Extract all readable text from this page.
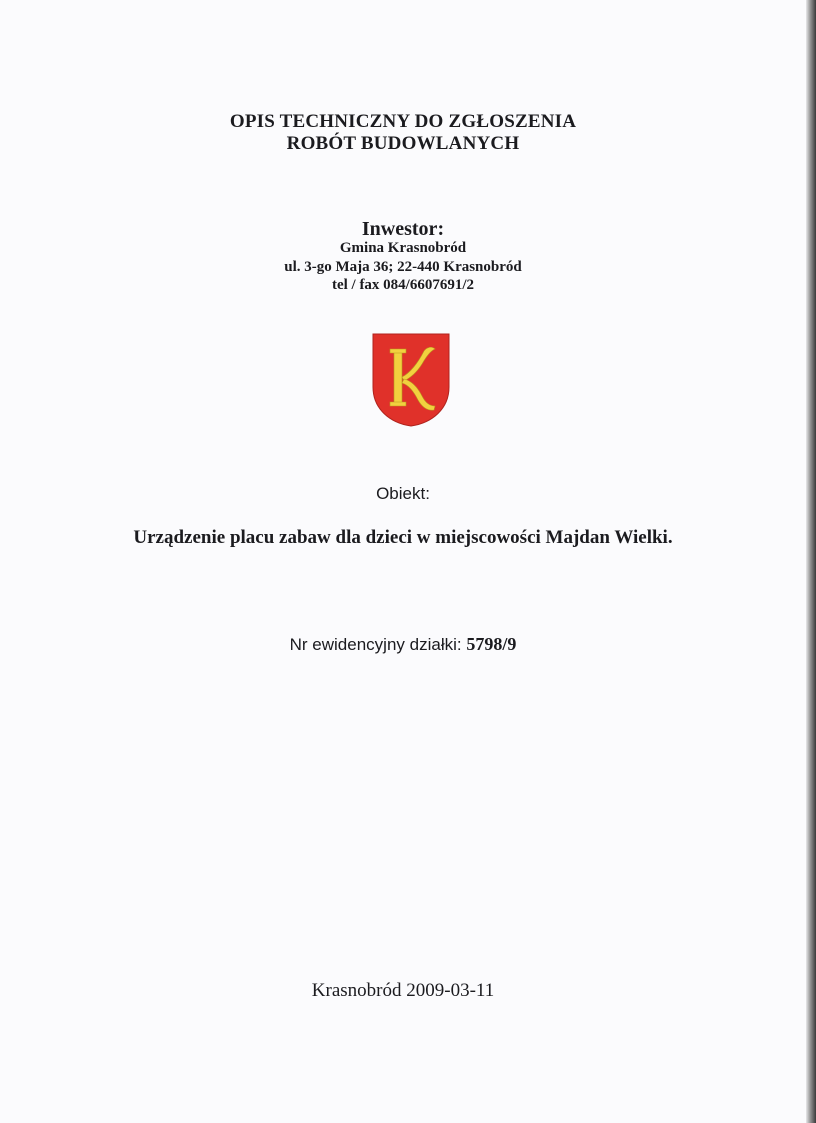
OPIS TECHNICZNY DO ZGŁOSZENIA
ROBÓT BUDOWLANYCH
Inwestor:
Gmina Krasnobród
ul. 3-go Maja 36; 22-440 Krasnobród
tel / fax 084/6607691/2
Obiekt:
Urządzenie placu zabaw dla dzieci w miejscowości Majdan Wielki.
Nr ewidencyjny działki: 5798/9
Krasnobród 2009-03-11
